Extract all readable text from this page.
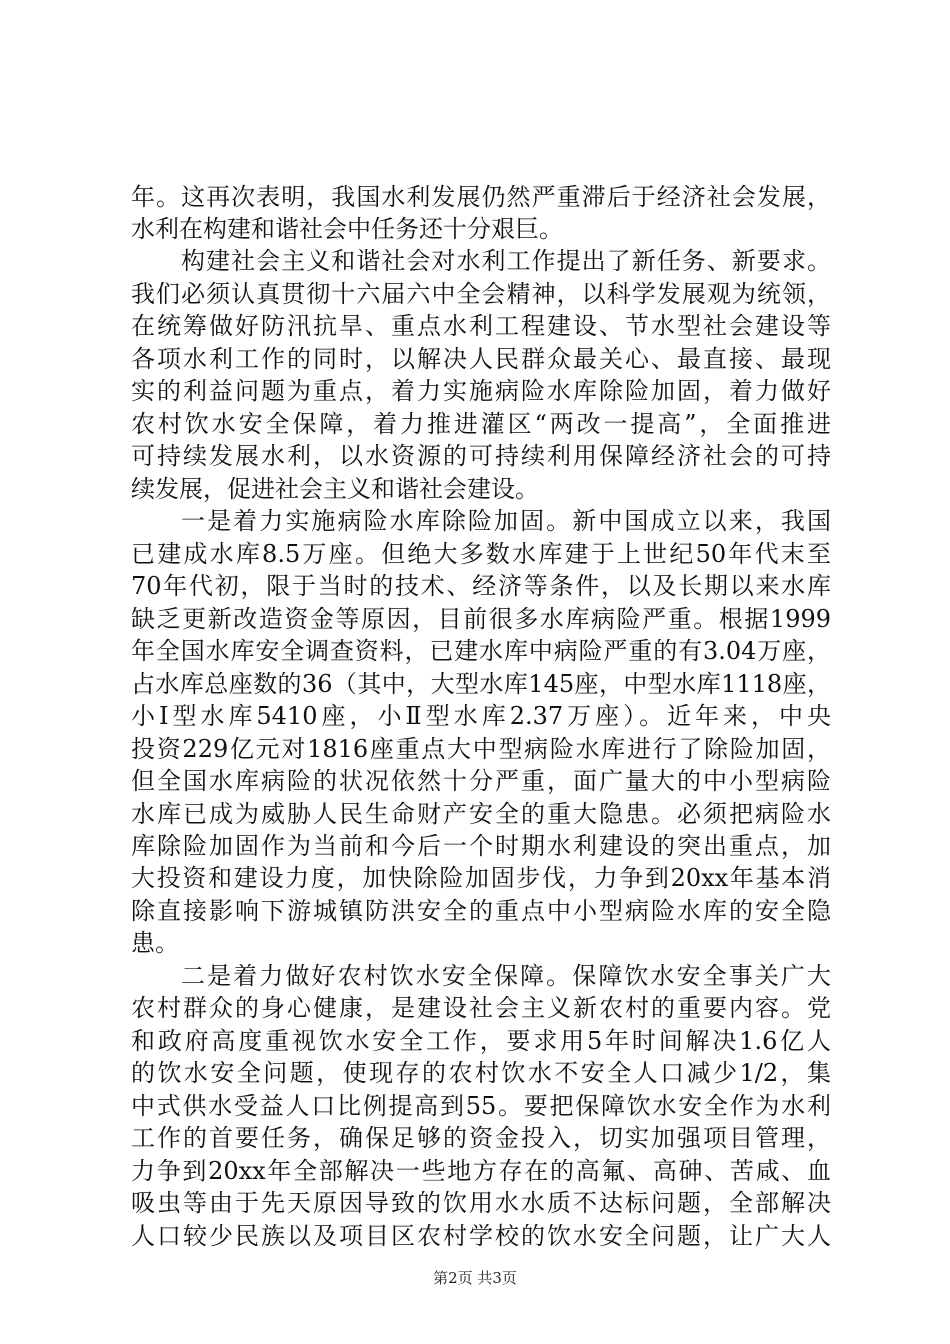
年。这再次表明，我国水利发展仍然严重滞后于经济社会发展，
水利在构建和谐社会中任务还十分艰巨。
构建社会主义和谐社会对水利工作提出了新任务、新要求。
我们必须认真贯彻十六届六中全会精神，以科学发展观为统领，
在统筹做好防汛抗旱、重点水利工程建设、节水型社会建设等
各项水利工作的同时，以解决人民群众最关心、最直接、最现
实的利益问题为重点，着力实施病险水库除险加固，着力做好
农村饮水安全保障，着力推进灌区“两改一提高”，全面推进
可持续发展水利，以水资源的可持续利用保障经济社会的可持
续发展，促进社会主义和谐社会建设。
一是着力实施病险水库除险加固。新中国成立以来，我国
已建成水库8.5万座。但绝大多数水库建于上世纪50年代末至
70年代初，限于当时的技术、经济等条件，以及长期以来水库
缺乏更新改造资金等原因，目前很多水库病险严重。根据1999
年全国水库安全调查资料，已建水库中病险严重的有3.04万座，
占水库总座数的36（其中，大型水库145座，中型水库1118座，
小Ⅰ型水库5410座，小Ⅱ型水库2.37万座）。近年来，中央
投资229亿元对1816座重点大中型病险水库进行了除险加固，
但全国水库病险的状况依然十分严重，面广量大的中小型病险
水库已成为威胁人民生命财产安全的重大隐患。必须把病险水
库除险加固作为当前和今后一个时期水利建设的突出重点，加
大投资和建设力度，加快除险加固步伐，力争到20xx年基本消
除直接影响下游城镇防洪安全的重点中小型病险水库的安全隐
患。
二是着力做好农村饮水安全保障。保障饮水安全事关广大
农村群众的身心健康，是建设社会主义新农村的重要内容。党
和政府高度重视饮水安全工作，要求用5年时间解决1.6亿人
的饮水安全问题，使现存的农村饮水不安全人口减少1/2，集
中式供水受益人口比例提高到55。要把保障饮水安全作为水利
工作的首要任务，确保足够的资金投入，切实加强项目管理，
力争到20xx年全部解决一些地方存在的高氟、高砷、苦咸、血
吸虫等由于先天原因导致的饮用水水质不达标问题，全部解决
人口较少民族以及项目区农村学校的饮水安全问题，让广大人
第2页 共3页
